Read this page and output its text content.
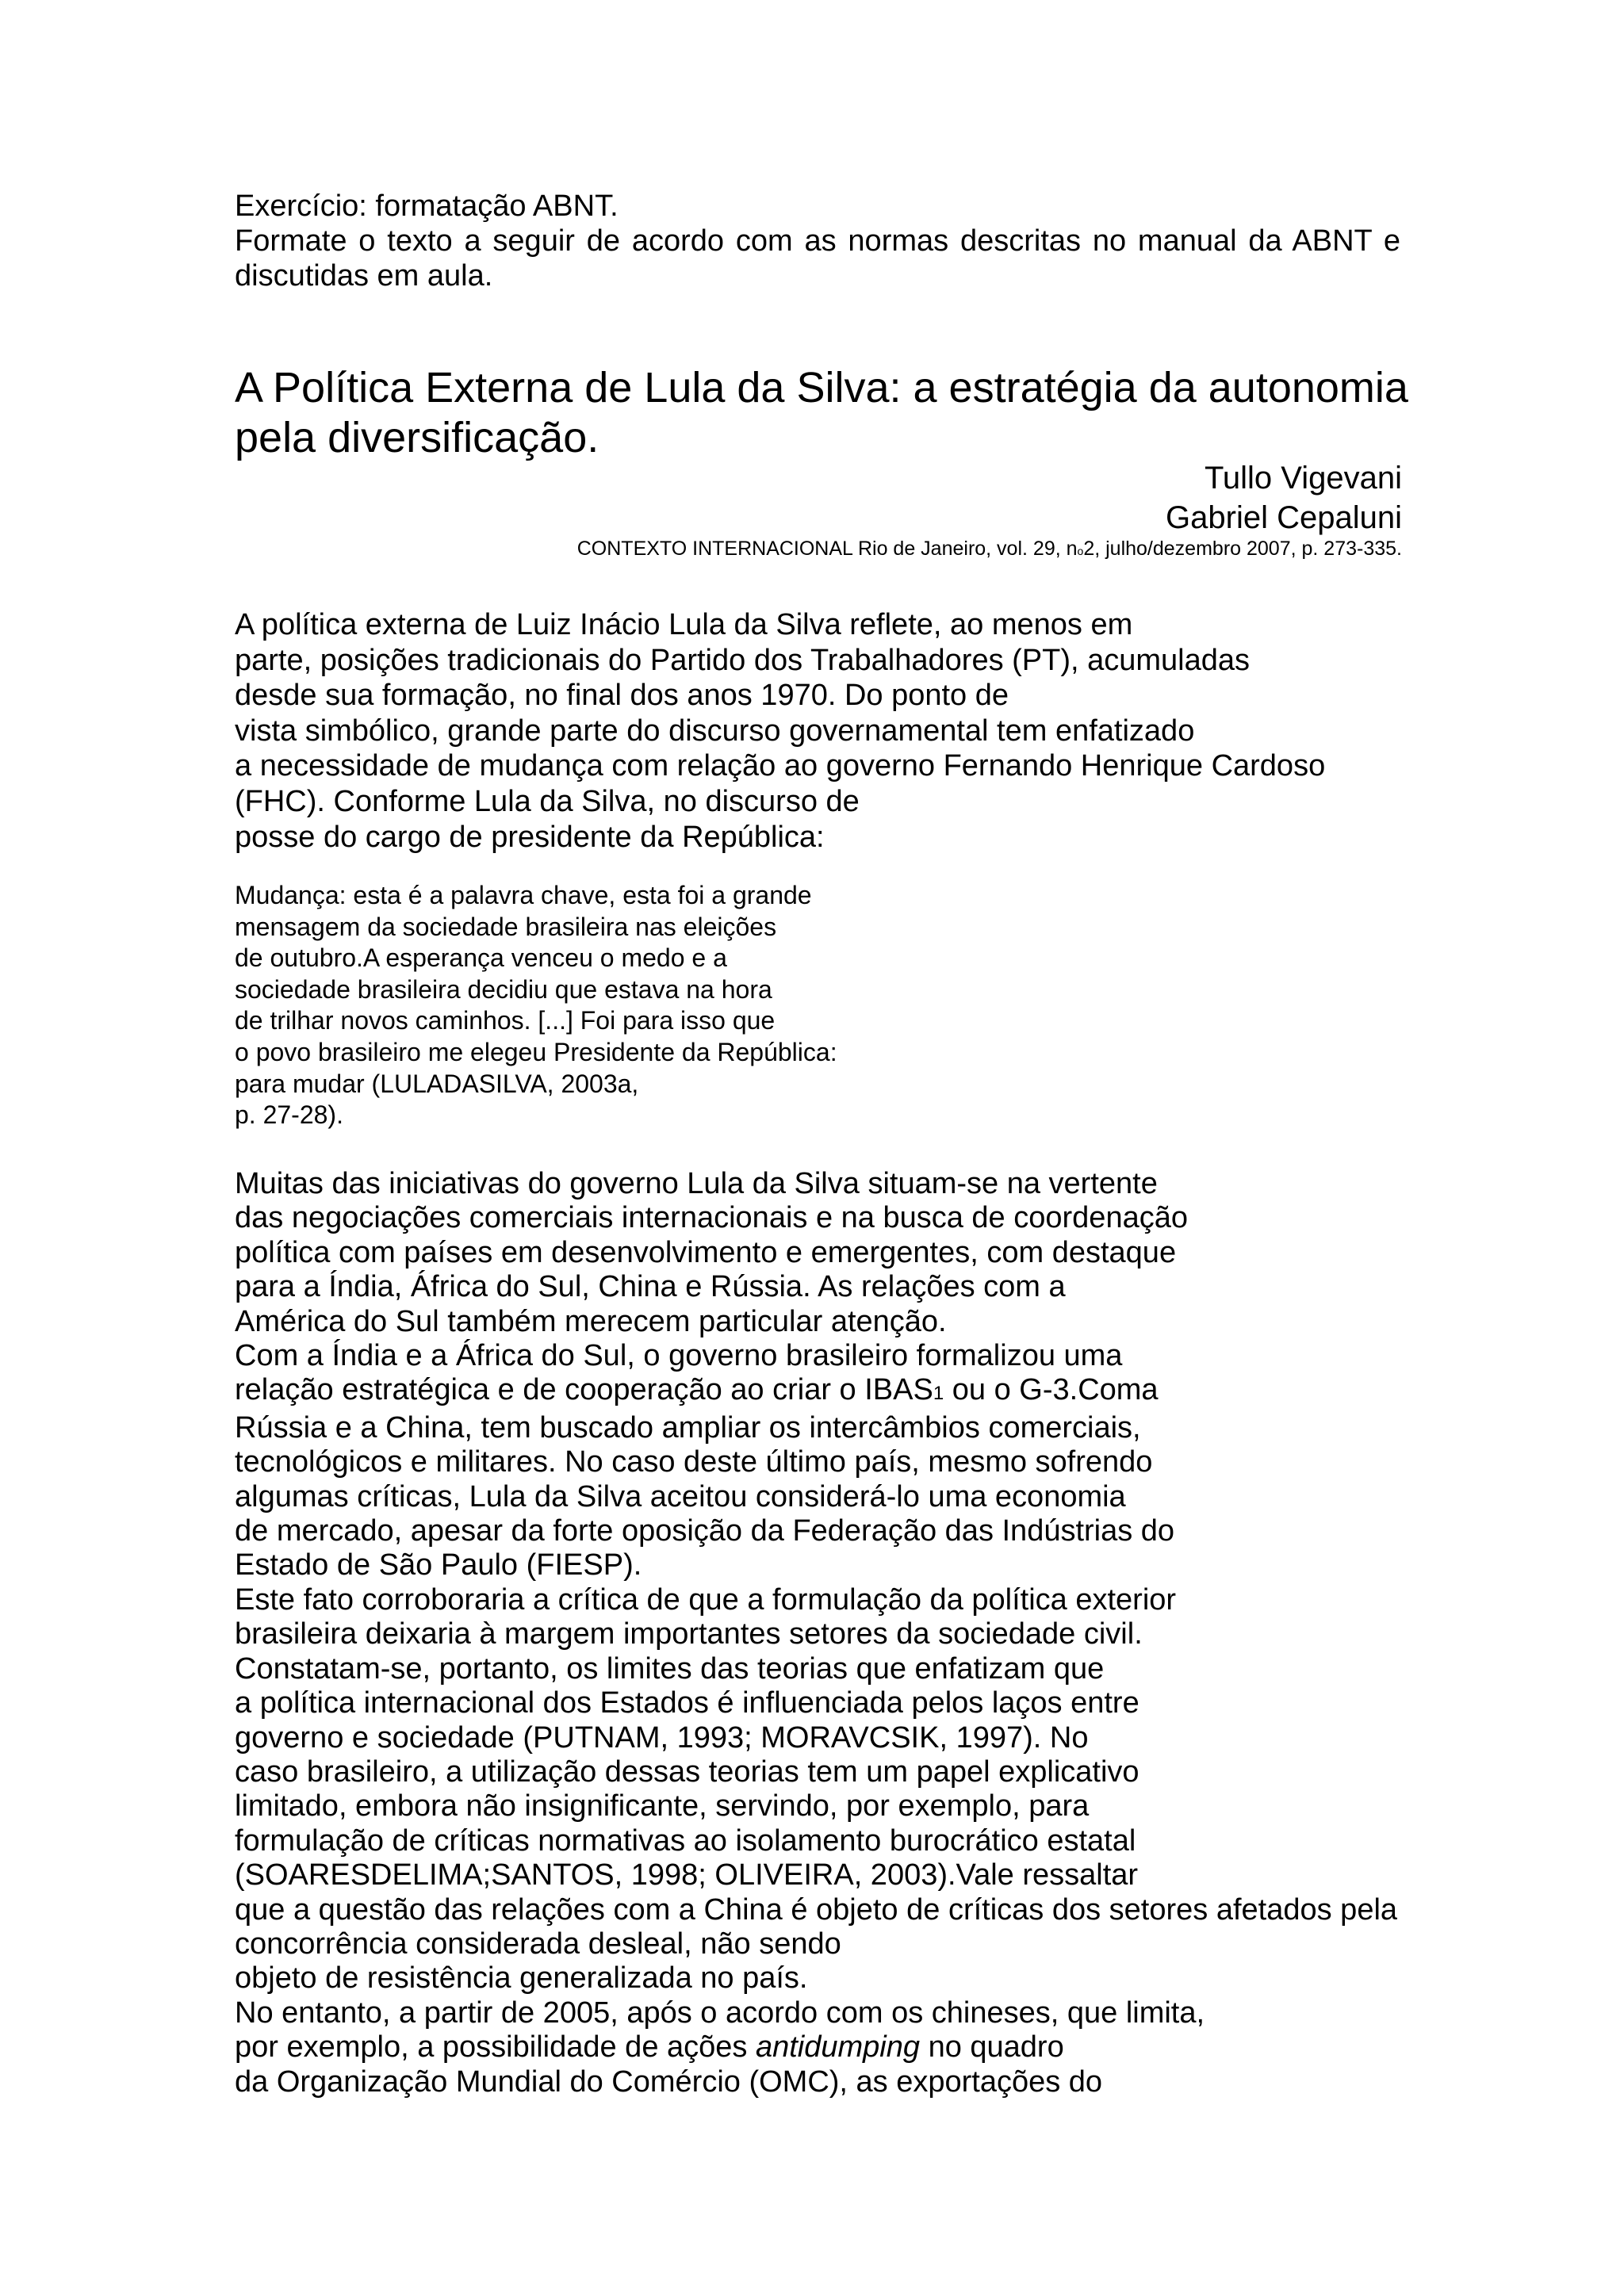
Exercício: formatação ABNT.
Formate o texto a seguir de acordo com as normas descritas no manual da ABNT e
discutidas em aula.
A Política Externa de Lula da Silva: a estratégia da autonomia
pela diversificação.
Tullo Vigevani
Gabriel Cepaluni
CONTEXTO INTERNACIONAL Rio de Janeiro, vol. 29, no2, julho/dezembro 2007, p. 273-335.
A política externa de Luiz Inácio Lula da Silva reflete, ao menos em
parte, posições tradicionais do Partido dos Trabalhadores (PT), acumuladas
desde sua formação, no final dos anos 1970. Do ponto de
vista simbólico, grande parte do discurso governamental tem enfatizado
a necessidade de mudança com relação ao governo Fernando Henrique Cardoso
(FHC). Conforme Lula da Silva, no discurso de
posse do cargo de presidente da República:
Mudança: esta é a palavra chave, esta foi a grande
mensagem da sociedade brasileira nas eleições
de outubro.A esperança venceu o medo e a
sociedade brasileira decidiu que estava na hora
de trilhar novos caminhos. [...] Foi para isso que
o povo brasileiro me elegeu Presidente da República:
para mudar (LULADASILVA, 2003a,
p. 27-28).
Muitas das iniciativas do governo Lula da Silva situam-se na vertente
das negociações comerciais internacionais e na busca de coordenação
política com países em desenvolvimento e emergentes, com destaque
para a Índia, África do Sul, China e Rússia. As relações com a
América do Sul também merecem particular atenção.
Com a Índia e a África do Sul, o governo brasileiro formalizou uma
relação estratégica e de cooperação ao criar o IBAS1 ou o G-3.Coma
Rússia e a China, tem buscado ampliar os intercâmbios comerciais,
tecnológicos e militares. No caso deste último país, mesmo sofrendo
algumas críticas, Lula da Silva aceitou considerá-lo uma economia
de mercado, apesar da forte oposição da Federação das Indústrias do
Estado de São Paulo (FIESP).
Este fato corroboraria a crítica de que a formulação da política exterior
brasileira deixaria à margem importantes setores da sociedade civil.
Constatam-se, portanto, os limites das teorias que enfatizam que
a política internacional dos Estados é influenciada pelos laços entre
governo e sociedade (PUTNAM, 1993; MORAVCSIK, 1997). No
caso brasileiro, a utilização dessas teorias tem um papel explicativo
limitado, embora não insignificante, servindo, por exemplo, para
formulação de críticas normativas ao isolamento burocrático estatal
(SOARESDELIMA;SANTOS, 1998; OLIVEIRA, 2003).Vale ressaltar
que a questão das relações com a China é objeto de críticas dos setores afetados pela
concorrência considerada desleal, não sendo
objeto de resistência generalizada no país.
No entanto, a partir de 2005, após o acordo com os chineses, que limita,
por exemplo, a possibilidade de ações antidumping no quadro
da Organização Mundial do Comércio (OMC), as exportações do
